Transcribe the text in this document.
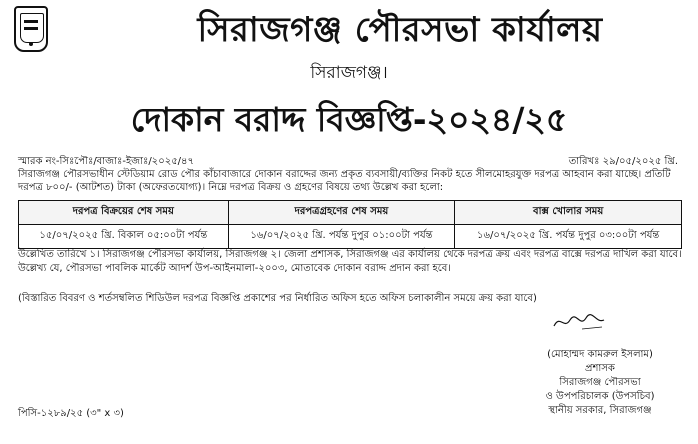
সিরাজগঞ্জ পৌরসভা কার্যালয়
সিরাজগঞ্জ।
দোকান বরাদ্দ বিজ্ঞপ্তি-২০২৪/২৫
স্মারক নং-সিঃপৌঃ/বাজাঃ-ইজাঃ/২০২৫/৪৭	তারিখঃ ২৯/০৫/২০২৫ খ্রি.
সিরাজগঞ্জ পৌরসভাধীন স্টেডিয়াম রোড পৌর কাঁচাবাজারে দোকান বরাদ্দের জন্য প্রকৃত ব্যবসায়ী/ব্যক্তির নিকট হতে সীলমোহরযুক্ত দরপত্র আহবান করা যাচ্ছে। প্রতিটি দরপত্র ৮০০/- (আটশত) টাকা (অফেরতযোগ্য)। নিম্নে দরপত্র বিক্রয় ও গ্রহণের বিষয়ে তথ্য উল্লেখ করা হলো:
দরপত্র বিক্রয়ের শেষ সময়	দরপত্রগ্রহণের শেষ সময়	বাক্স খোলার সময়
১৫/০৭/২০২৫ খ্রি. বিকাল ০৫:০০টা পর্যন্ত	১৬/০৭/২০২৫ খ্রি. পর্যন্ত দুপুর ০১:০০টা পর্যন্ত	১৬/০৭/২০২৫ খ্রি. পর্যন্ত দুপুর ০৩:০০টা পর্যন্ত
উল্লেখিত তারিখে ১। সিরাজগঞ্জ পৌরসভা কার্যালয়, সিরাজগঞ্জ ২। জেলা প্রশাসক, সিরাজগঞ্জ এর কার্যালয় থেকে দরপত্র ক্রয় এবং দরপত্র বাক্সে দরপত্র দাখিল করা যাবে। উল্লেখ্য যে, পৌরসভা পাবলিক মার্কেট আদর্শ উপ-আইনমালা-২০০৩, মোতাবেক দোকান বরাদ্দ প্রদান করা হবে।
(বিস্তারিত বিবরণ ও শর্তসম্বলিত শিডিউল দরপত্র বিজ্ঞপ্তি প্রকাশের পর নির্ধারিত অফিস হতে অফিস চলাকালীন সময়ে ক্রয় করা যাবে)
(মোহাম্মদ কামরুল ইসলাম)
প্রশাসক
সিরাজগঞ্জ পৌরসভা
ও উপপরিচালক (উপসচিব)
স্থানীয় সরকার, সিরাজগঞ্জ
পিসি-১২৮৯/২৫ (৩" x ৩)
